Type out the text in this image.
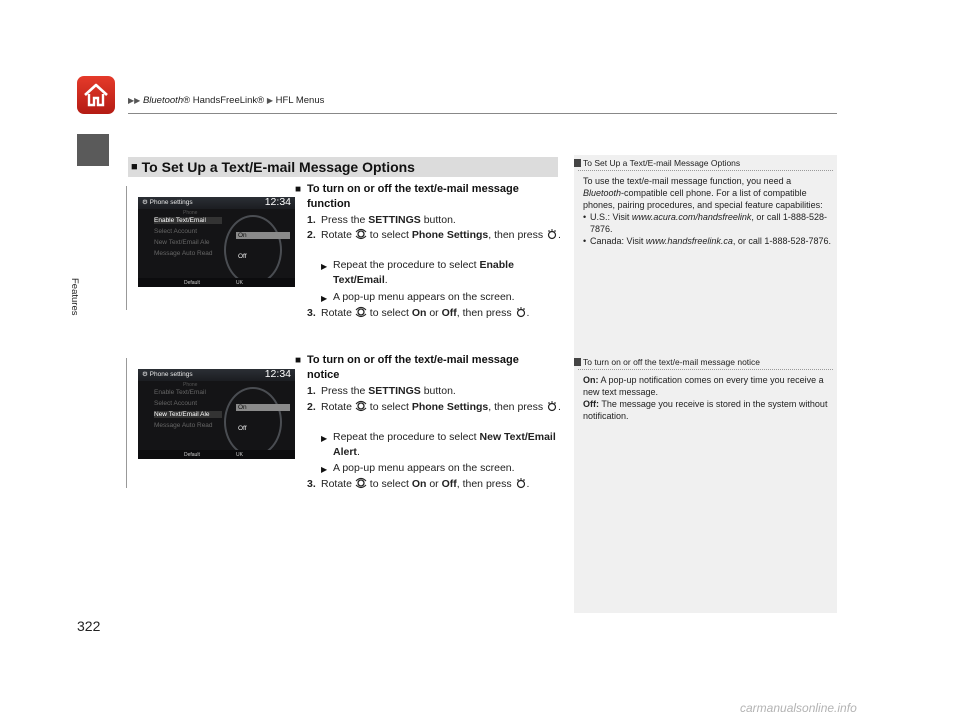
▶▶ Bluetooth® HandsFreeLink® ▶ HFL Menus
Features
322
■ To Set Up a Text/E-mail Message Options
⚙ Phone settings	12:34
Phone
Enable Text/Email
Select Account
New Text/Email Ale
Message Auto Read
On
Off
Default	UK
⚙ Phone settings	12:34
Phone
Enable Text/Email
Select Account
New Text/Email Ale
Message Auto Read
On
Off
Default	UK
■ To turn on or off the text/e-mail message function
1. Press the SETTINGS button.
2. Rotate  to select Phone Settings, then press .
▶ Repeat the procedure to select Enable Text/Email.
▶ A pop-up menu appears on the screen.
3. Rotate  to select On or Off, then press .
■ To turn on or off the text/e-mail message notice
1. Press the SETTINGS button.
2. Rotate  to select Phone Settings, then press .
▶ Repeat the procedure to select New Text/Email Alert.
▶ A pop-up menu appears on the screen.
3. Rotate  to select On or Off, then press .
To Set Up a Text/E-mail Message Options
To use the text/e-mail message function, you need a Bluetooth-compatible cell phone. For a list of compatible phones, pairing procedures, and special feature capabilities:
• U.S.: Visit www.acura.com/handsfreelink, or call 1-888-528-7876.
• Canada: Visit www.handsfreelink.ca, or call 1-888-528-7876.
To turn on or off the text/e-mail message notice
On: A pop-up notification comes on every time you receive a new text message.
Off: The message you receive is stored in the system without notification.
carmanualsonline.info
